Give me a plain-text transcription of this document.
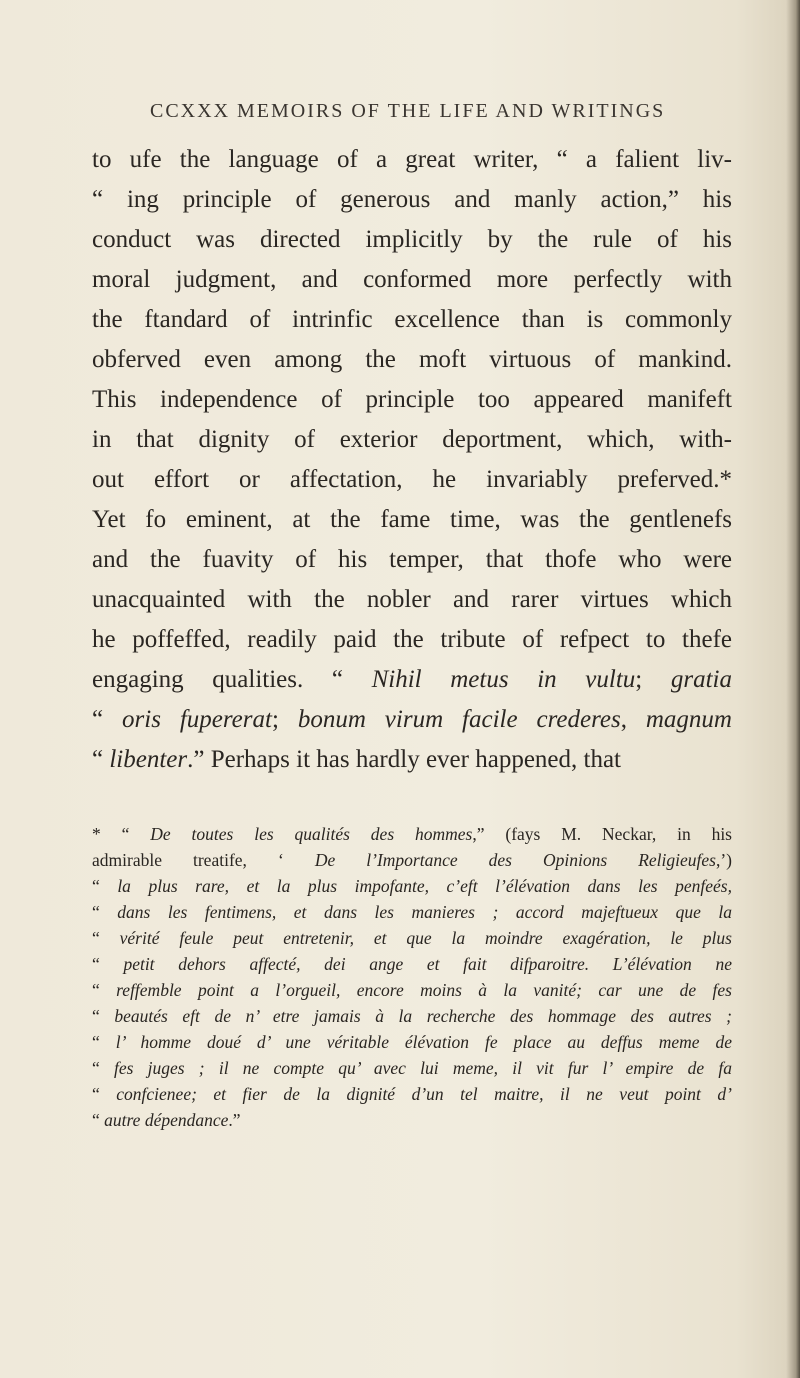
CCXXX MEMOIRS OF THE LIFE AND WRITINGS
to ufe the language of a great writer, “ a falient liv-
“ ing principle of generous and manly action,” his
conduct was directed implicitly by the rule of his
moral judgment, and conformed more perfectly with
the ftandard of intrinfic excellence than is commonly
obferved even among the moft virtuous of mankind.
This independence of principle too appeared manifeft
in that dignity of exterior deportment, which, with-
out effort or affectation, he invariably preferved.*
Yet fo eminent, at the fame time, was the gentlenefs
and the fuavity of his temper, that thofe who were
unacquainted with the nobler and rarer virtues which
he poffeffed, readily paid the tribute of refpect to thefe
engaging qualities. “ Nihil metus in vultu; gratia
“ oris fupererat; bonum virum facile crederes, magnum
“ libenter.” Perhaps it has hardly ever happened, that
* “ De toutes les qualités des hommes,” (fays M. Neckar, in his
admirable treatife, ‘ De l’Importance des Opinions Religieufes,’)
“ la plus rare, et la plus impofante, c’eft l’élévation dans les penfeés,
“ dans les fentimens, et dans les manieres ; accord majeftueux que la
“ vérité feule peut entretenir, et que la moindre exagération, le plus
“ petit dehors affecté, dei ange et fait difparoitre. L’élévation ne
“ reffemble point a l’orgueil, encore moins à la vanité; car une de fes
“ beautés eft de n’ etre jamais à la recherche des hommage des autres ;
“ l’ homme doué d’ une véritable élévation fe place au deffus meme de
“ fes juges ; il ne compte qu’ avec lui meme, il vit fur l’ empire de fa
“ confcienee; et fier de la dignité d’un tel maitre, il ne veut point d’
“ autre dépendance.”
